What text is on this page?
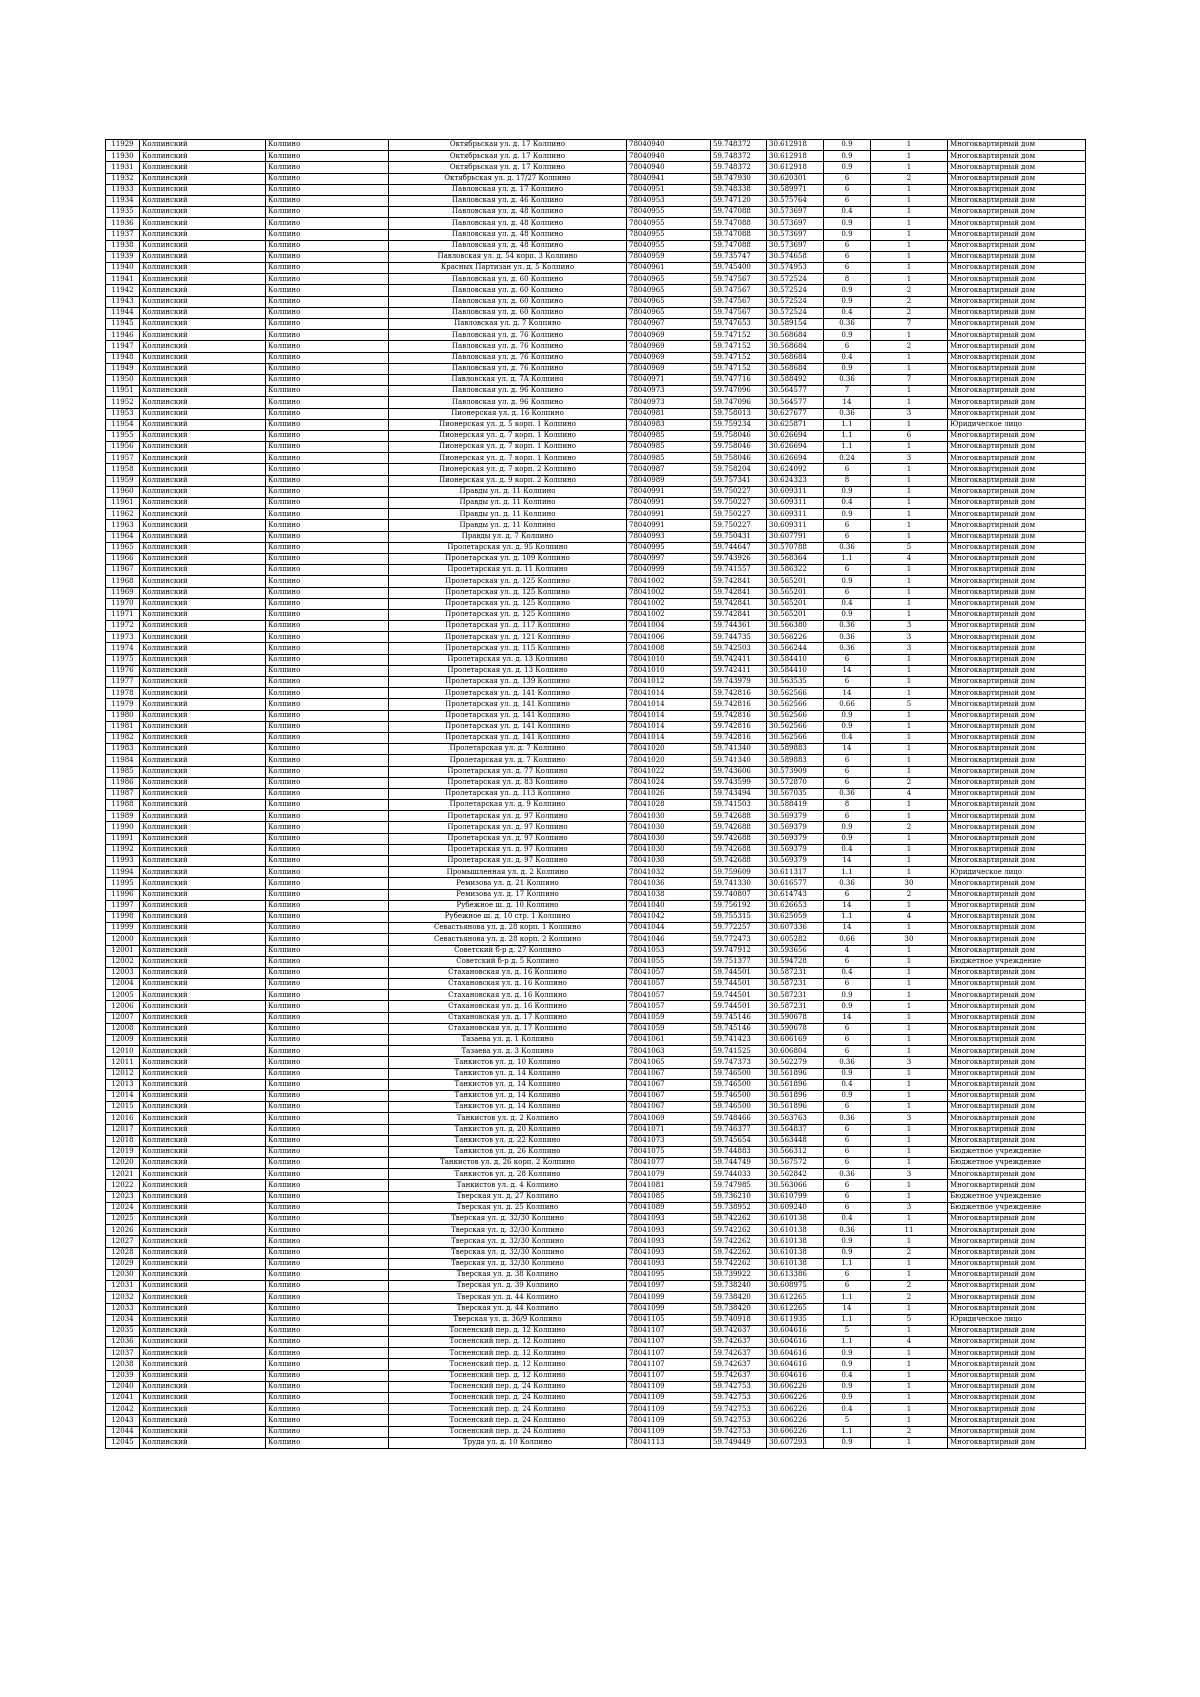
11929	Колпинский	Колпино	Октябрьская ул. д. 17 Колпино	78040940	59.748372	30.612918	0.9	1	Многоквартирный дом
11930	Колпинский	Колпино	Октябрьская ул. д. 17 Колпино	78040940	59.748372	30.612918	0.9	1	Многоквартирный дом
11931	Колпинский	Колпино	Октябрьская ул. д. 17 Колпино	78040940	59.748372	30.612918	0.9	1	Многоквартирный дом
11932	Колпинский	Колпино	Октябрьская ул. д. 17/27 Колпино	78040941	59.747930	30.620301	6	2	Многоквартирный дом
11933	Колпинский	Колпино	Павловская ул. д. 17 Колпино	78040951	59.748338	30.589971	6	1	Многоквартирный дом
11934	Колпинский	Колпино	Павловская ул. д. 46 Колпино	78040953	59.747120	30.575764	6	1	Многоквартирный дом
11935	Колпинский	Колпино	Павловская ул. д. 48 Колпино	78040955	59.747088	30.573697	0.4	1	Многоквартирный дом
11936	Колпинский	Колпино	Павловская ул. д. 48 Колпино	78040955	59.747088	30.573697	0.9	1	Многоквартирный дом
11937	Колпинский	Колпино	Павловская ул. д. 48 Колпино	78040955	59.747088	30.573697	0.9	1	Многоквартирный дом
11938	Колпинский	Колпино	Павловская ул. д. 48 Колпино	78040955	59.747088	30.573697	6	1	Многоквартирный дом
11939	Колпинский	Колпино	Павловская ул. д. 54 корп. 3 Колпино	78040959	59.735747	30.574658	6	1	Многоквартирный дом
11940	Колпинский	Колпино	Красных Партизан ул. д. 5 Колпино	78040961	59.745400	30.574953	6	1	Многоквартирный дом
11941	Колпинский	Колпино	Павловская ул. д. 60 Колпино	78040965	59.747567	30.572524	8	1	Многоквартирный дом
11942	Колпинский	Колпино	Павловская ул. д. 60 Колпино	78040965	59.747567	30.572524	0.9	2	Многоквартирный дом
11943	Колпинский	Колпино	Павловская ул. д. 60 Колпино	78040965	59.747567	30.572524	0.9	2	Многоквартирный дом
11944	Колпинский	Колпино	Павловская ул. д. 60 Колпино	78040965	59.747567	30.572524	0.4	2	Многоквартирный дом
11945	Колпинский	Колпино	Павловская ул. д. 7 Колпино	78040967	59.747653	30.589154	0.36	7	Многоквартирный дом
11946	Колпинский	Колпино	Павловская ул. д. 76 Колпино	78040969	59.747152	30.568684	0.9	1	Многоквартирный дом
11947	Колпинский	Колпино	Павловская ул. д. 76 Колпино	78040969	59.747152	30.568684	6	2	Многоквартирный дом
11948	Колпинский	Колпино	Павловская ул. д. 76 Колпино	78040969	59.747152	30.568684	0.4	1	Многоквартирный дом
11949	Колпинский	Колпино	Павловская ул. д. 76 Колпино	78040969	59.747152	30.568684	0.9	1	Многоквартирный дом
11950	Колпинский	Колпино	Павловская ул. д. 7А Колпино	78040971	59.747716	30.588492	0.36	7	Многоквартирный дом
11951	Колпинский	Колпино	Павловская ул. д. 96 Колпино	78040973	59.747096	30.564577	7	1	Многоквартирный дом
11952	Колпинский	Колпино	Павловская ул. д. 96 Колпино	78040973	59.747096	30.564577	14	1	Многоквартирный дом
11953	Колпинский	Колпино	Пионерская ул. д. 16 Колпино	78040981	59.758013	30.627677	0.36	3	Многоквартирный дом
11954	Колпинский	Колпино	Пионерская ул. д. 5 корп. 1 Колпино	78040983	59.759234	30.625871	1.1	1	Юридическое лицо
11955	Колпинский	Колпино	Пионерская ул. д. 7 корп. 1 Колпино	78040985	59.758046	30.626694	1.1	6	Многоквартирный дом
11956	Колпинский	Колпино	Пионерская ул. д. 7 корп. 1 Колпино	78040985	59.758046	30.626694	1.1	1	Многоквартирный дом
11957	Колпинский	Колпино	Пионерская ул. д. 7 корп. 1 Колпино	78040985	59.758046	30.626694	0.24	3	Многоквартирный дом
11958	Колпинский	Колпино	Пионерская ул. д. 7 корп. 2 Колпино	78040987	59.758204	30.624092	6	1	Многоквартирный дом
11959	Колпинский	Колпино	Пионерская ул. д. 9 корп. 2 Колпино	78040989	59.757341	30.624323	8	1	Многоквартирный дом
11960	Колпинский	Колпино	Правды ул. д. 11 Колпино	78040991	59.750227	30.609311	0.9	1	Многоквартирный дом
11961	Колпинский	Колпино	Правды ул. д. 11 Колпино	78040991	59.750227	30.609311	0.4	1	Многоквартирный дом
11962	Колпинский	Колпино	Правды ул. д. 11 Колпино	78040991	59.750227	30.609311	0.9	1	Многоквартирный дом
11963	Колпинский	Колпино	Правды ул. д. 11 Колпино	78040991	59.750227	30.609311	6	1	Многоквартирный дом
11964	Колпинский	Колпино	Правды ул. д. 7 Колпино	78040993	59.750431	30.607791	6	1	Многоквартирный дом
11965	Колпинский	Колпино	Пролетарская ул. д. 95 Колпино	78040995	59.744647	30.570788	0.36	5	Многоквартирный дом
11966	Колпинский	Колпино	Пролетарская ул. д. 109 Колпино	78040997	59.743926	30.568364	1.1	4	Многоквартирный дом
11967	Колпинский	Колпино	Пролетарская ул. д. 11 Колпино	78040999	59.741557	30.586322	6	1	Многоквартирный дом
11968	Колпинский	Колпино	Пролетарская ул. д. 125 Колпино	78041002	59.742841	30.565201	0.9	1	Многоквартирный дом
11969	Колпинский	Колпино	Пролетарская ул. д. 125 Колпино	78041002	59.742841	30.565201	6	1	Многоквартирный дом
11970	Колпинский	Колпино	Пролетарская ул. д. 125 Колпино	78041002	59.742841	30.565201	0.4	1	Многоквартирный дом
11971	Колпинский	Колпино	Пролетарская ул. д. 125 Колпино	78041002	59.742841	30.565201	0.9	1	Многоквартирный дом
11972	Колпинский	Колпино	Пролетарская ул. д. 117 Колпино	78041004	59.744361	30.566380	0.36	3	Многоквартирный дом
11973	Колпинский	Колпино	Пролетарская ул. д. 121 Колпино	78041006	59.744735	30.566226	0.36	3	Многоквартирный дом
11974	Колпинский	Колпино	Пролетарская ул. д. 115 Колпино	78041008	59.742503	30.566244	0.36	3	Многоквартирный дом
11975	Колпинский	Колпино	Пролетарская ул. д. 13 Колпино	78041010	59.742411	30.584410	6	1	Многоквартирный дом
11976	Колпинский	Колпино	Пролетарская ул. д. 13 Колпино	78041010	59.742411	30.584410	14	1	Многоквартирный дом
11977	Колпинский	Колпино	Пролетарская ул. д. 139 Колпино	78041012	59.743979	30.563535	6	1	Многоквартирный дом
11978	Колпинский	Колпино	Пролетарская ул. д. 141 Колпино	78041014	59.742816	30.562566	14	1	Многоквартирный дом
11979	Колпинский	Колпино	Пролетарская ул. д. 141 Колпино	78041014	59.742816	30.562566	0.66	5	Многоквартирный дом
11980	Колпинский	Колпино	Пролетарская ул. д. 141 Колпино	78041014	59.742816	30.562566	0.9	1	Многоквартирный дом
11981	Колпинский	Колпино	Пролетарская ул. д. 141 Колпино	78041014	59.742816	30.562566	0.9	1	Многоквартирный дом
11982	Колпинский	Колпино	Пролетарская ул. д. 141 Колпино	78041014	59.742816	30.562566	0.4	1	Многоквартирный дом
11983	Колпинский	Колпино	Пролетарская ул. д. 7 Колпино	78041020	59.741340	30.589883	14	1	Многоквартирный дом
11984	Колпинский	Колпино	Пролетарская ул. д. 7 Колпино	78041020	59.741340	30.589883	6	1	Многоквартирный дом
11985	Колпинский	Колпино	Пролетарская ул. д. 77 Колпино	78041022	59.743606	30.573909	6	1	Многоквартирный дом
11986	Колпинский	Колпино	Пролетарская ул. д. 83 Колпино	78041024	59.743599	30.572870	6	2	Многоквартирный дом
11987	Колпинский	Колпино	Пролетарская ул. д. 113 Колпино	78041026	59.743494	30.567035	0.36	4	Многоквартирный дом
11988	Колпинский	Колпино	Пролетарская ул. д. 9 Колпино	78041028	59.741503	30.588419	8	1	Многоквартирный дом
11989	Колпинский	Колпино	Пролетарская ул. д. 97 Колпино	78041030	59.742688	30.569379	6	1	Многоквартирный дом
11990	Колпинский	Колпино	Пролетарская ул. д. 97 Колпино	78041030	59.742688	30.569379	0.9	2	Многоквартирный дом
11991	Колпинский	Колпино	Пролетарская ул. д. 97 Колпино	78041030	59.742688	30.569379	0.9	1	Многоквартирный дом
11992	Колпинский	Колпино	Пролетарская ул. д. 97 Колпино	78041030	59.742688	30.569379	0.4	1	Многоквартирный дом
11993	Колпинский	Колпино	Пролетарская ул. д. 97 Колпино	78041030	59.742688	30.569379	14	1	Многоквартирный дом
11994	Колпинский	Колпино	Промышленная ул. д. 2 Колпино	78041032	59.759609	30.611317	1.1	1	Юридическое лицо
11995	Колпинский	Колпино	Ремизова ул. д. 21 Колпино	78041036	59.741330	30.616577	0.36	30	Многоквартирный дом
11996	Колпинский	Колпино	Ремизова ул. д. 17 Колпино	78041038	59.740807	30.614743	6	2	Многоквартирный дом
11997	Колпинский	Колпино	Рубежное ш. д. 10 Колпино	78041040	59.756192	30.626653	14	1	Многоквартирный дом
11998	Колпинский	Колпино	Рубежное ш. д. 10 стр. 1 Колпино	78041042	59.755315	30.625059	1.1	4	Многоквартирный дом
11999	Колпинский	Колпино	Севастьянова ул. д. 28 корп. 1 Колпино	78041044	59.772257	30.607336	14	1	Многоквартирный дом
12000	Колпинский	Колпино	Севастьянова ул. д. 28 корп. 2 Колпино	78041046	59.772473	30.605282	0.66	30	Многоквартирный дом
12001	Колпинский	Колпино	Советский б-р д. 27 Колпино	78041053	59.747912	30.593656	4	1	Многоквартирный дом
12002	Колпинский	Колпино	Советский б-р д. 5 Колпино	78041055	59.751377	30.594728	6	1	Бюджетное учреждение
12003	Колпинский	Колпино	Стахановская ул. д. 16 Колпино	78041057	59.744501	30.587231	0.4	1	Многоквартирный дом
12004	Колпинский	Колпино	Стахановская ул. д. 16 Колпино	78041057	59.744501	30.587231	6	1	Многоквартирный дом
12005	Колпинский	Колпино	Стахановская ул. д. 16 Колпино	78041057	59.744501	30.587231	0.9	1	Многоквартирный дом
12006	Колпинский	Колпино	Стахановская ул. д. 16 Колпино	78041057	59.744501	30.587231	0.9	1	Многоквартирный дом
12007	Колпинский	Колпино	Стахановская ул. д. 17 Колпино	78041059	59.745146	30.590678	14	1	Многоквартирный дом
12008	Колпинский	Колпино	Стахановская ул. д. 17 Колпино	78041059	59.745146	30.590678	6	1	Многоквартирный дом
12009	Колпинский	Колпино	Тазаева ул. д. 1 Колпино	78041061	59.741423	30.606169	6	1	Многоквартирный дом
12010	Колпинский	Колпино	Тазаева ул. д. 3 Колпино	78041063	59.741525	30.606804	6	1	Многоквартирный дом
12011	Колпинский	Колпино	Танкистов ул. д. 10 Колпино	78041065	59.747373	30.562279	0.36	3	Многоквартирный дом
12012	Колпинский	Колпино	Танкистов ул. д. 14 Колпино	78041067	59.746500	30.561896	0.9	1	Многоквартирный дом
12013	Колпинский	Колпино	Танкистов ул. д. 14 Колпино	78041067	59.746500	30.561896	0.4	1	Многоквартирный дом
12014	Колпинский	Колпино	Танкистов ул. д. 14 Колпино	78041067	59.746500	30.561896	0.9	1	Многоквартирный дом
12015	Колпинский	Колпино	Танкистов ул. д. 14 Колпино	78041067	59.746500	30.561896	6	1	Многоквартирный дом
12016	Колпинский	Колпино	Танкистов ул. д. 2 Колпино	78041069	59.748466	30.563763	0.36	3	Многоквартирный дом
12017	Колпинский	Колпино	Танкистов ул. д. 20 Колпино	78041071	59.746377	30.564837	6	1	Многоквартирный дом
12018	Колпинский	Колпино	Танкистов ул. д. 22 Колпино	78041073	59.745654	30.563448	6	1	Многоквартирный дом
12019	Колпинский	Колпино	Танкистов ул. д. 26 Колпино	78041075	59.744883	30.566312	6	1	Бюджетное учреждение
12020	Колпинский	Колпино	Танкистов ул. д. 26 корп. 2 Колпино	78041077	59.744749	30.567572	6	1	Бюджетное учреждение
12021	Колпинский	Колпино	Танкистов ул. д. 28 Колпино	78041079	59.744033	30.562842	0.36	3	Многоквартирный дом
12022	Колпинский	Колпино	Танкистов ул. д. 4 Колпино	78041081	59.747985	30.563066	6	1	Многоквартирный дом
12023	Колпинский	Колпино	Тверская ул. д. 27 Колпино	78041085	59.736210	30.610799	6	1	Бюджетное учреждение
12024	Колпинский	Колпино	Тверская ул. д. 25 Колпино	78041089	59.738952	30.609240	6	3	Бюджетное учреждение
12025	Колпинский	Колпино	Тверская ул. д. 32/30 Колпино	78041093	59.742262	30.610138	0.4	1	Многоквартирный дом
12026	Колпинский	Колпино	Тверская ул. д. 32/30 Колпино	78041093	59.742262	30.610138	0.36	11	Многоквартирный дом
12027	Колпинский	Колпино	Тверская ул. д. 32/30 Колпино	78041093	59.742262	30.610138	0.9	1	Многоквартирный дом
12028	Колпинский	Колпино	Тверская ул. д. 32/30 Колпино	78041093	59.742262	30.610138	0.9	2	Многоквартирный дом
12029	Колпинский	Колпино	Тверская ул. д. 32/30 Колпино	78041093	59.742262	30.610138	1.1	1	Многоквартирный дом
12030	Колпинский	Колпино	Тверская ул. д. 38 Колпино	78041095	59.739922	30.613386	6	1	Многоквартирный дом
12031	Колпинский	Колпино	Тверская ул. д. 39 Колпино	78041097	59.738240	30.608975	6	2	Многоквартирный дом
12032	Колпинский	Колпино	Тверская ул. д. 44 Колпино	78041099	59.738420	30.612265	1.1	2	Многоквартирный дом
12033	Колпинский	Колпино	Тверская ул. д. 44 Колпино	78041099	59.738420	30.612265	14	1	Многоквартирный дом
12034	Колпинский	Колпино	Тверская ул. д. 36/9 Колпино	78041105	59.740918	30.611935	1.1	5	Юридическое лицо
12035	Колпинский	Колпино	Тосненский пер. д. 12 Колпино	78041107	59.742637	30.604616	5	1	Многоквартирный дом
12036	Колпинский	Колпино	Тосненский пер. д. 12 Колпино	78041107	59.742637	30.604616	1.1	4	Многоквартирный дом
12037	Колпинский	Колпино	Тосненский пер. д. 12 Колпино	78041107	59.742637	30.604616	0.9	1	Многоквартирный дом
12038	Колпинский	Колпино	Тосненский пер. д. 12 Колпино	78041107	59.742637	30.604616	0.9	1	Многоквартирный дом
12039	Колпинский	Колпино	Тосненский пер. д. 12 Колпино	78041107	59.742637	30.604616	0.4	1	Многоквартирный дом
12040	Колпинский	Колпино	Тосненский пер. д. 24 Колпино	78041109	59.742753	30.606226	0.9	1	Многоквартирный дом
12041	Колпинский	Колпино	Тосненский пер. д. 24 Колпино	78041109	59.742753	30.606226	0.9	1	Многоквартирный дом
12042	Колпинский	Колпино	Тосненский пер. д. 24 Колпино	78041109	59.742753	30.606226	0.4	1	Многоквартирный дом
12043	Колпинский	Колпино	Тосненский пер. д. 24 Колпино	78041109	59.742753	30.606226	5	1	Многоквартирный дом
12044	Колпинский	Колпино	Тосненский пер. д. 24 Колпино	78041109	59.742753	30.606226	1.1	2	Многоквартирный дом
12045	Колпинский	Колпино	Труда ул. д. 10 Колпино	78041113	59.749449	30.607293	0.9	1	Многоквартирный дом
